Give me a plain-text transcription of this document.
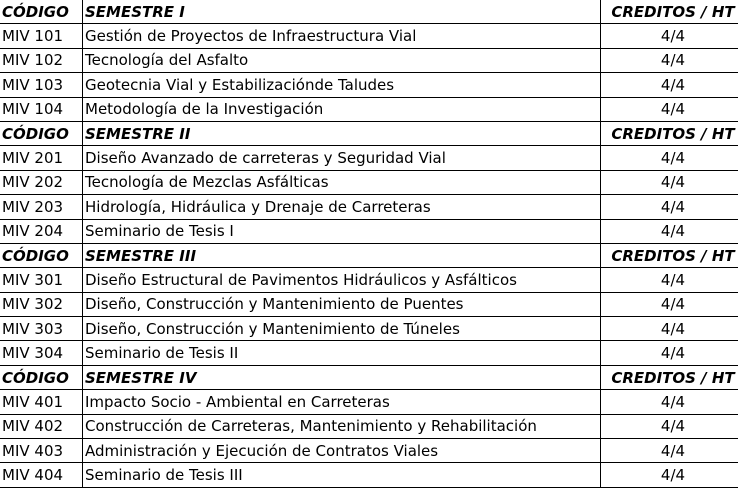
CÓDIGO	SEMESTRE I	CREDITOS / HT
MIV 101	Gestión de Proyectos de Infraestructura Vial	4/4
MIV 102	Tecnología del Asfalto	4/4
MIV 103	Geotecnia Vial y Estabilizaciónde Taludes	4/4
MIV 104	Metodología de la Investigación	4/4
CÓDIGO	SEMESTRE II	CREDITOS / HT
MIV 201	Diseño Avanzado de carreteras y Seguridad Vial	4/4
MIV 202	Tecnología de Mezclas Asfálticas	4/4
MIV 203	Hidrología, Hidráulica y Drenaje de Carreteras	4/4
MIV 204	Seminario de Tesis I	4/4
CÓDIGO	SEMESTRE III	CREDITOS / HT
MIV 301	Diseño Estructural de Pavimentos Hidráulicos y Asfálticos	4/4
MIV 302	Diseño, Construcción y Mantenimiento de Puentes	4/4
MIV 303	Diseño, Construcción y Mantenimiento de Túneles	4/4
MIV 304	Seminario de Tesis II	4/4
CÓDIGO	SEMESTRE IV	CREDITOS / HT
MIV 401	Impacto Socio - Ambiental en Carreteras	4/4
MIV 402	Construcción de Carreteras, Mantenimiento y Rehabilitación	4/4
MIV 403	Administración y Ejecución de Contratos Viales	4/4
MIV 404	Seminario de Tesis III	4/4
